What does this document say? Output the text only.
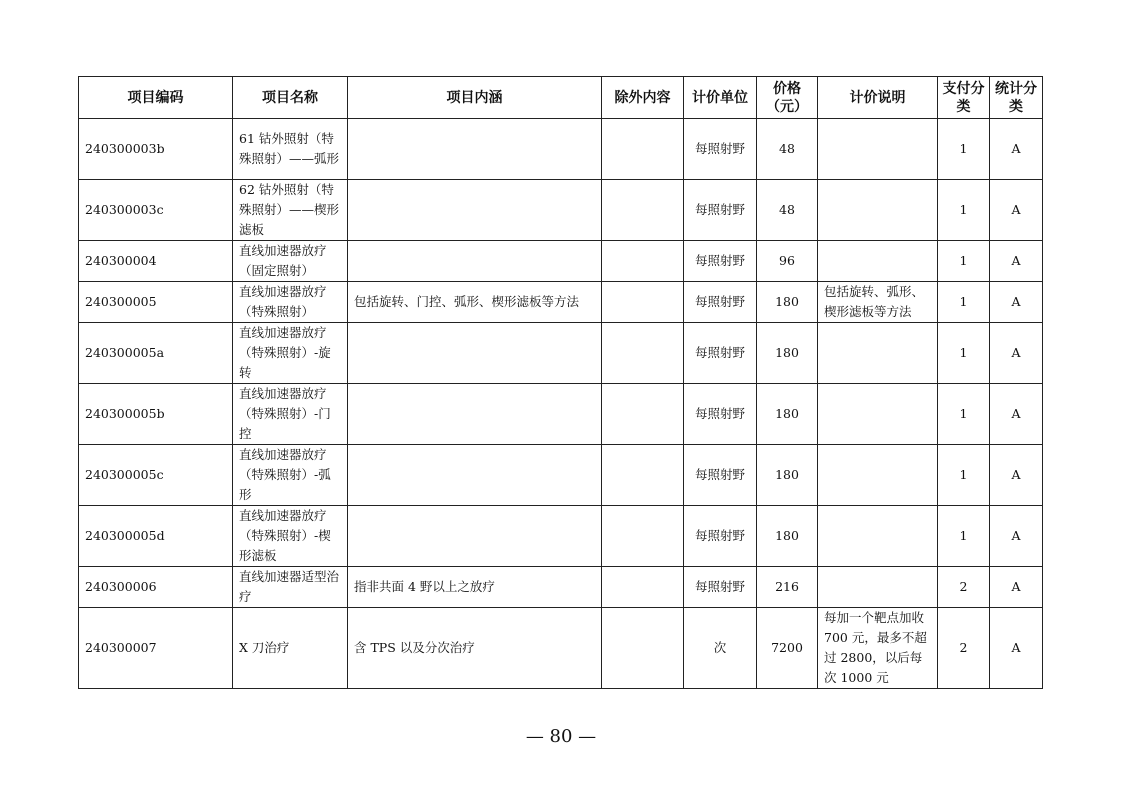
项目编码	项目名称	项目内涵	除外内容	计价单位	价格（元）	计价说明	支付分类	统计分类
240300003b	61 钴外照射（特殊照射）——弧形			每照射野	48		1	A
240300003c	62 钴外照射（特殊照射）——楔形滤板			每照射野	48		1	A
240300004	直线加速器放疗（固定照射）			每照射野	96		1	A
240300005	直线加速器放疗（特殊照射）	包括旋转、门控、弧形、楔形滤板等方法		每照射野	180	包括旋转、弧形、楔形滤板等方法	1	A
240300005a	直线加速器放疗（特殊照射）-旋转			每照射野	180		1	A
240300005b	直线加速器放疗（特殊照射）-门控			每照射野	180		1	A
240300005c	直线加速器放疗（特殊照射）-弧形			每照射野	180		1	A
240300005d	直线加速器放疗（特殊照射）-楔形滤板			每照射野	180		1	A
240300006	直线加速器适型治疗	指非共面 4 野以上之放疗		每照射野	216		2	A
240300007	X 刀治疗	含 TPS 以及分次治疗		次	7200	每加一个靶点加收 700 元，最多不超过 2800，以后每次 1000 元	2	A
— 80 —
